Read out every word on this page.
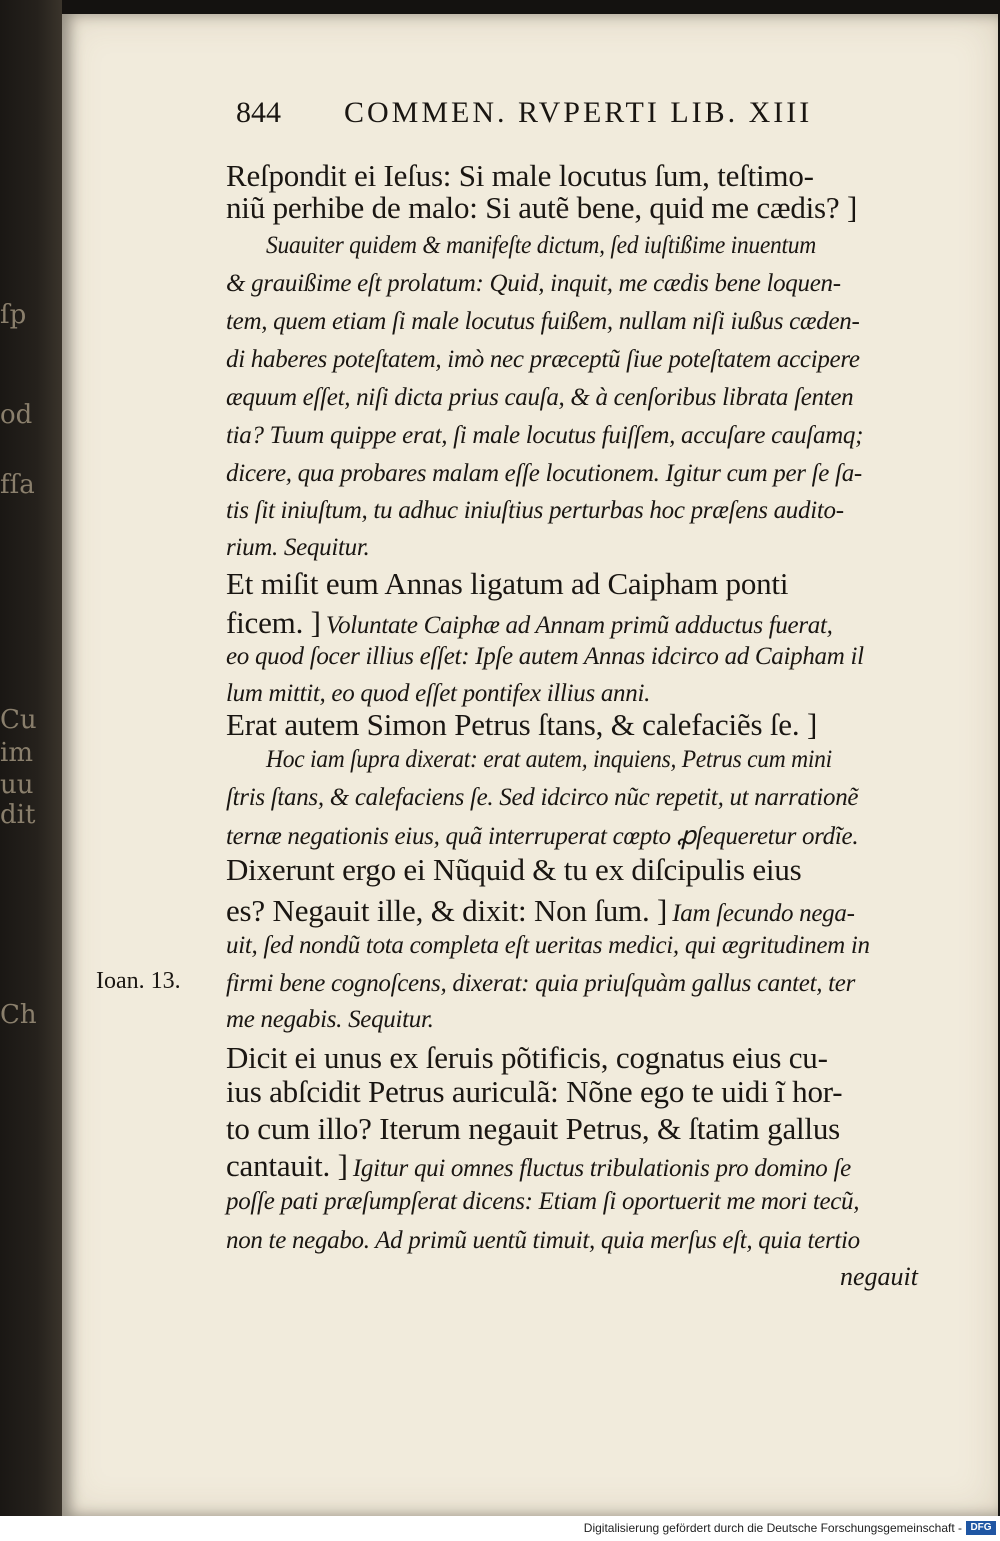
ſp
od
fſa
Cu
im
uu
dit
Ch
844 COMMEN. RVPERTI LIB. XIII
Reſpondit ei Ieſus: Si male locutus ſum, teſtimo-
niũ perhibe de malo: Si autẽ bene, quid me cædis? ]
Suauiter quidem & manifeſte dictum, ſed iuſtißime inuentum
& grauißime eſt prolatum: Quid, inquit, me cædis bene loquen-
tem, quem etiam ſi male locutus fuißem, nullam niſi iußus cæden-
di haberes poteſtatem, imò nec præceptũ ſiue poteſtatem accipere
æquum eſſet, niſi dicta prius cauſa, & à cenſoribus librata ſenten
tia? Tuum quippe erat, ſi male locutus fuiſſem, accuſare cauſamq;
dicere, qua probares malam eſſe locutionem. Igitur cum per ſe ſa-
tis ſit iniuſtum, tu adhuc iniuſtius perturbas hoc præſens audito-
rium. Sequitur.
Et miſit eum Annas ligatum ad Caipham ponti
ficem. ] Voluntate Caiphæ ad Annam primũ adductus fuerat,
eo quod ſocer illius eſſet: Ipſe autem Annas idcirco ad Caipham il
lum mittit, eo quod eſſet pontifex illius anni.
Erat autem Simon Petrus ſtans, & calefaciẽs ſe. ]
Hoc iam ſupra dixerat: erat autem, inquiens, Petrus cum mini
ſtris ſtans, & calefaciens ſe. Sed idcirco nũc repetit, ut narrationẽ
ternæ negationis eius, quã interruperat cœpto ꝓſequeretur ordĩe.
Dixerunt ergo ei Nũquid & tu ex diſcipulis eius
es? Negauit ille, & dixit: Non ſum. ] Iam ſecundo nega-
uit, ſed nondũ tota completa eſt ueritas medici, qui ægritudinem in
firmi bene cognoſcens, dixerat: quia priuſquàm gallus cantet, ter
me negabis. Sequitur.
Dicit ei unus ex ſeruis põtificis, cognatus eius cu-
ius abſcidit Petrus auriculã: Nõne ego te uidi ĩ hor-
to cum illo? Iterum negauit Petrus, & ſtatim gallus
cantauit. ] Igitur qui omnes fluctus tribulationis pro domino ſe
poſſe pati præſumpſerat dicens: Etiam ſi oportuerit me mori tecũ,
non te negabo. Ad primũ uentũ timuit, quia merſus eſt, quia tertio
Ioan. 13.
negauit
Digitalisierung gefördert durch die Deutsche Forschungsgemeinschaft - DFG
